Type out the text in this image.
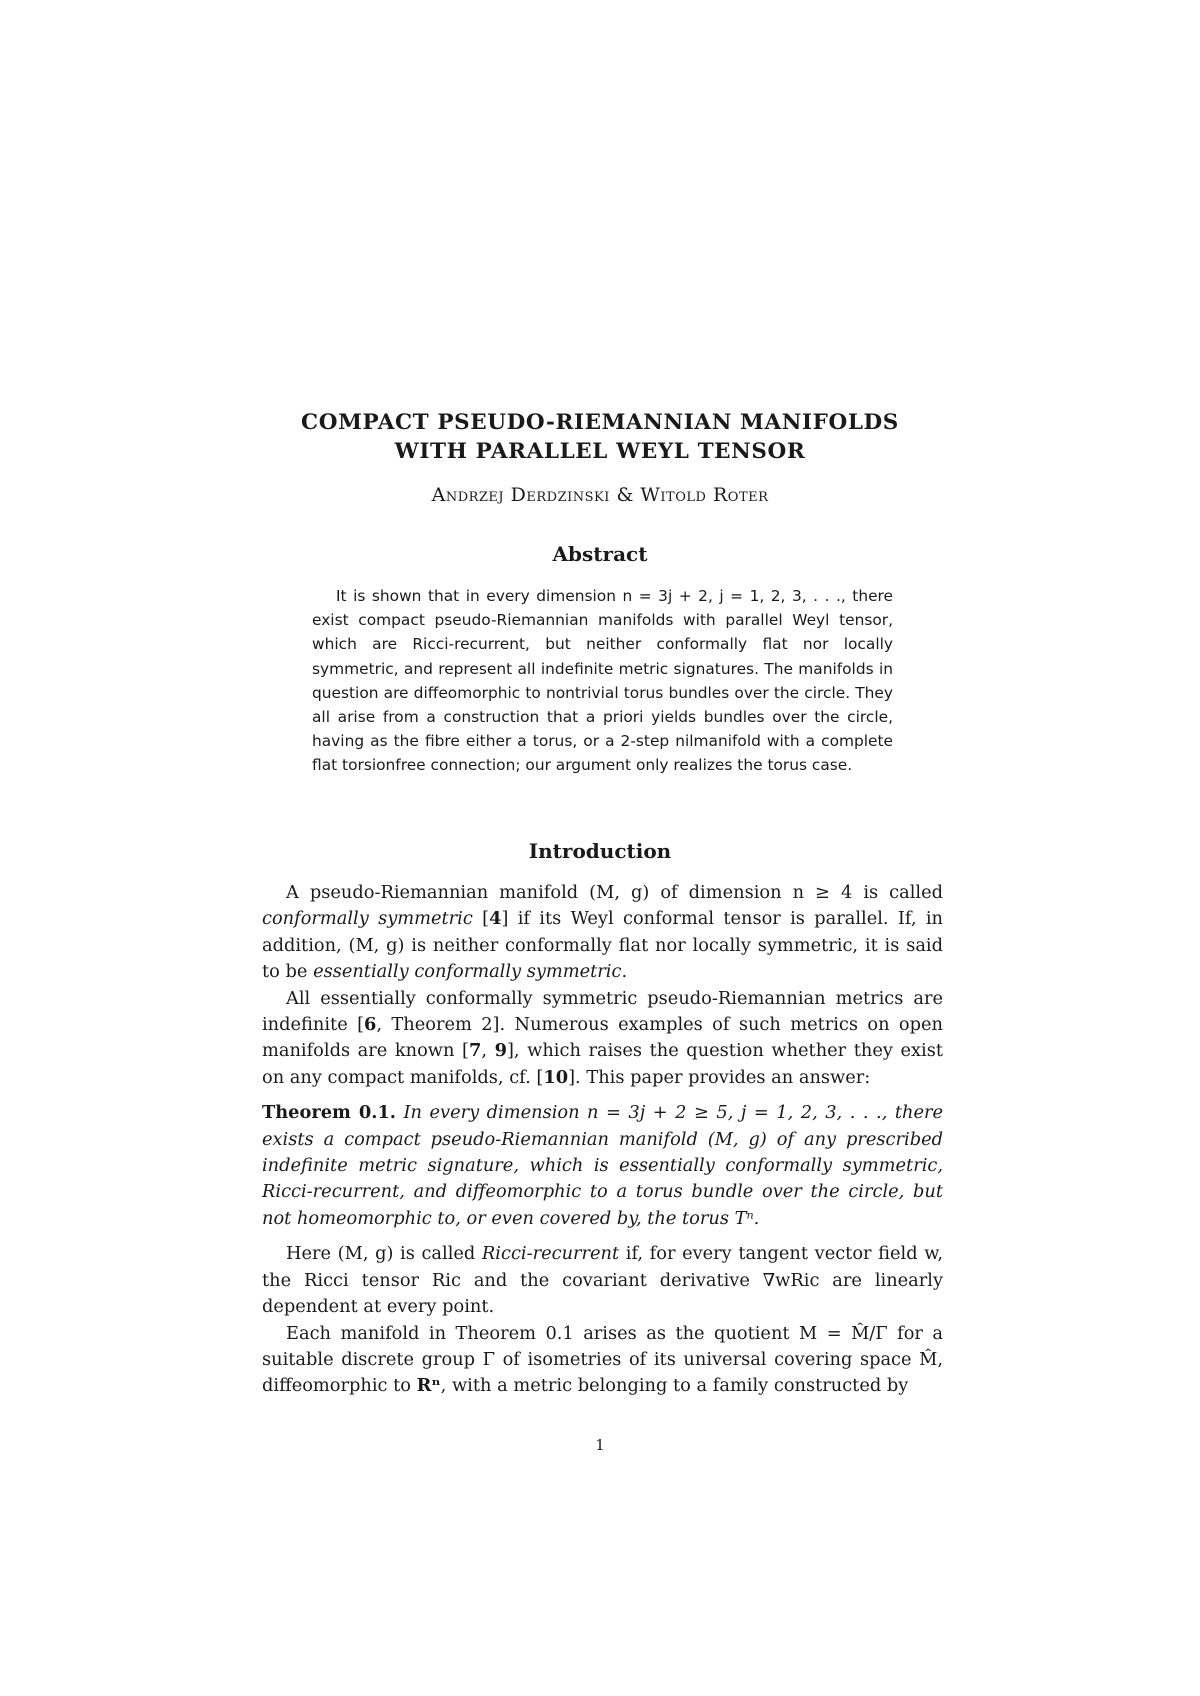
COMPACT PSEUDO-RIEMANNIAN MANIFOLDS
WITH PARALLEL WEYL TENSOR
Andrzej Derdzinski & Witold Roter
Abstract

It is shown that in every dimension n = 3j + 2, j = 1, 2, 3, . . ., there exist compact pseudo-Riemannian manifolds with parallel Weyl tensor, which are Ricci-recurrent, but neither conformally flat nor locally symmetric, and represent all indefinite metric signatures. The manifolds in question are diffeomorphic to nontrivial torus bundles over the circle. They all arise from a construction that a priori yields bundles over the circle, having as the fibre either a torus, or a 2-step nilmanifold with a complete flat torsionfree connection; our argument only realizes the torus case.

Introduction

A pseudo-Riemannian manifold (M, g) of dimension n ≥ 4 is called conformally symmetric [4] if its Weyl conformal tensor is parallel. If, in addition, (M, g) is neither conformally flat nor locally symmetric, it is said to be essentially conformally symmetric.

All essentially conformally symmetric pseudo-Riemannian metrics are indefinite [6, Theorem 2]. Numerous examples of such metrics on open manifolds are known [7, 9], which raises the question whether they exist on any compact manifolds, cf. [10]. This paper provides an answer:

Theorem 0.1. In every dimension n = 3j + 2 ≥ 5, j = 1, 2, 3, . . ., there exists a compact pseudo-Riemannian manifold (M, g) of any prescribed indefinite metric signature, which is essentially conformally symmetric, Ricci-recurrent, and diffeomorphic to a torus bundle over the circle, but not homeomorphic to, or even covered by, the torus Tⁿ.

Here (M, g) is called Ricci-recurrent if, for every tangent vector field w, the Ricci tensor Ric and the covariant derivative ∇wRic are linearly dependent at every point.

Each manifold in Theorem 0.1 arises as the quotient M = M̂/Γ for a suitable discrete group Γ of isometries of its universal covering space M̂, diffeomorphic to Rⁿ, with a metric belonging to a family constructed by

1
